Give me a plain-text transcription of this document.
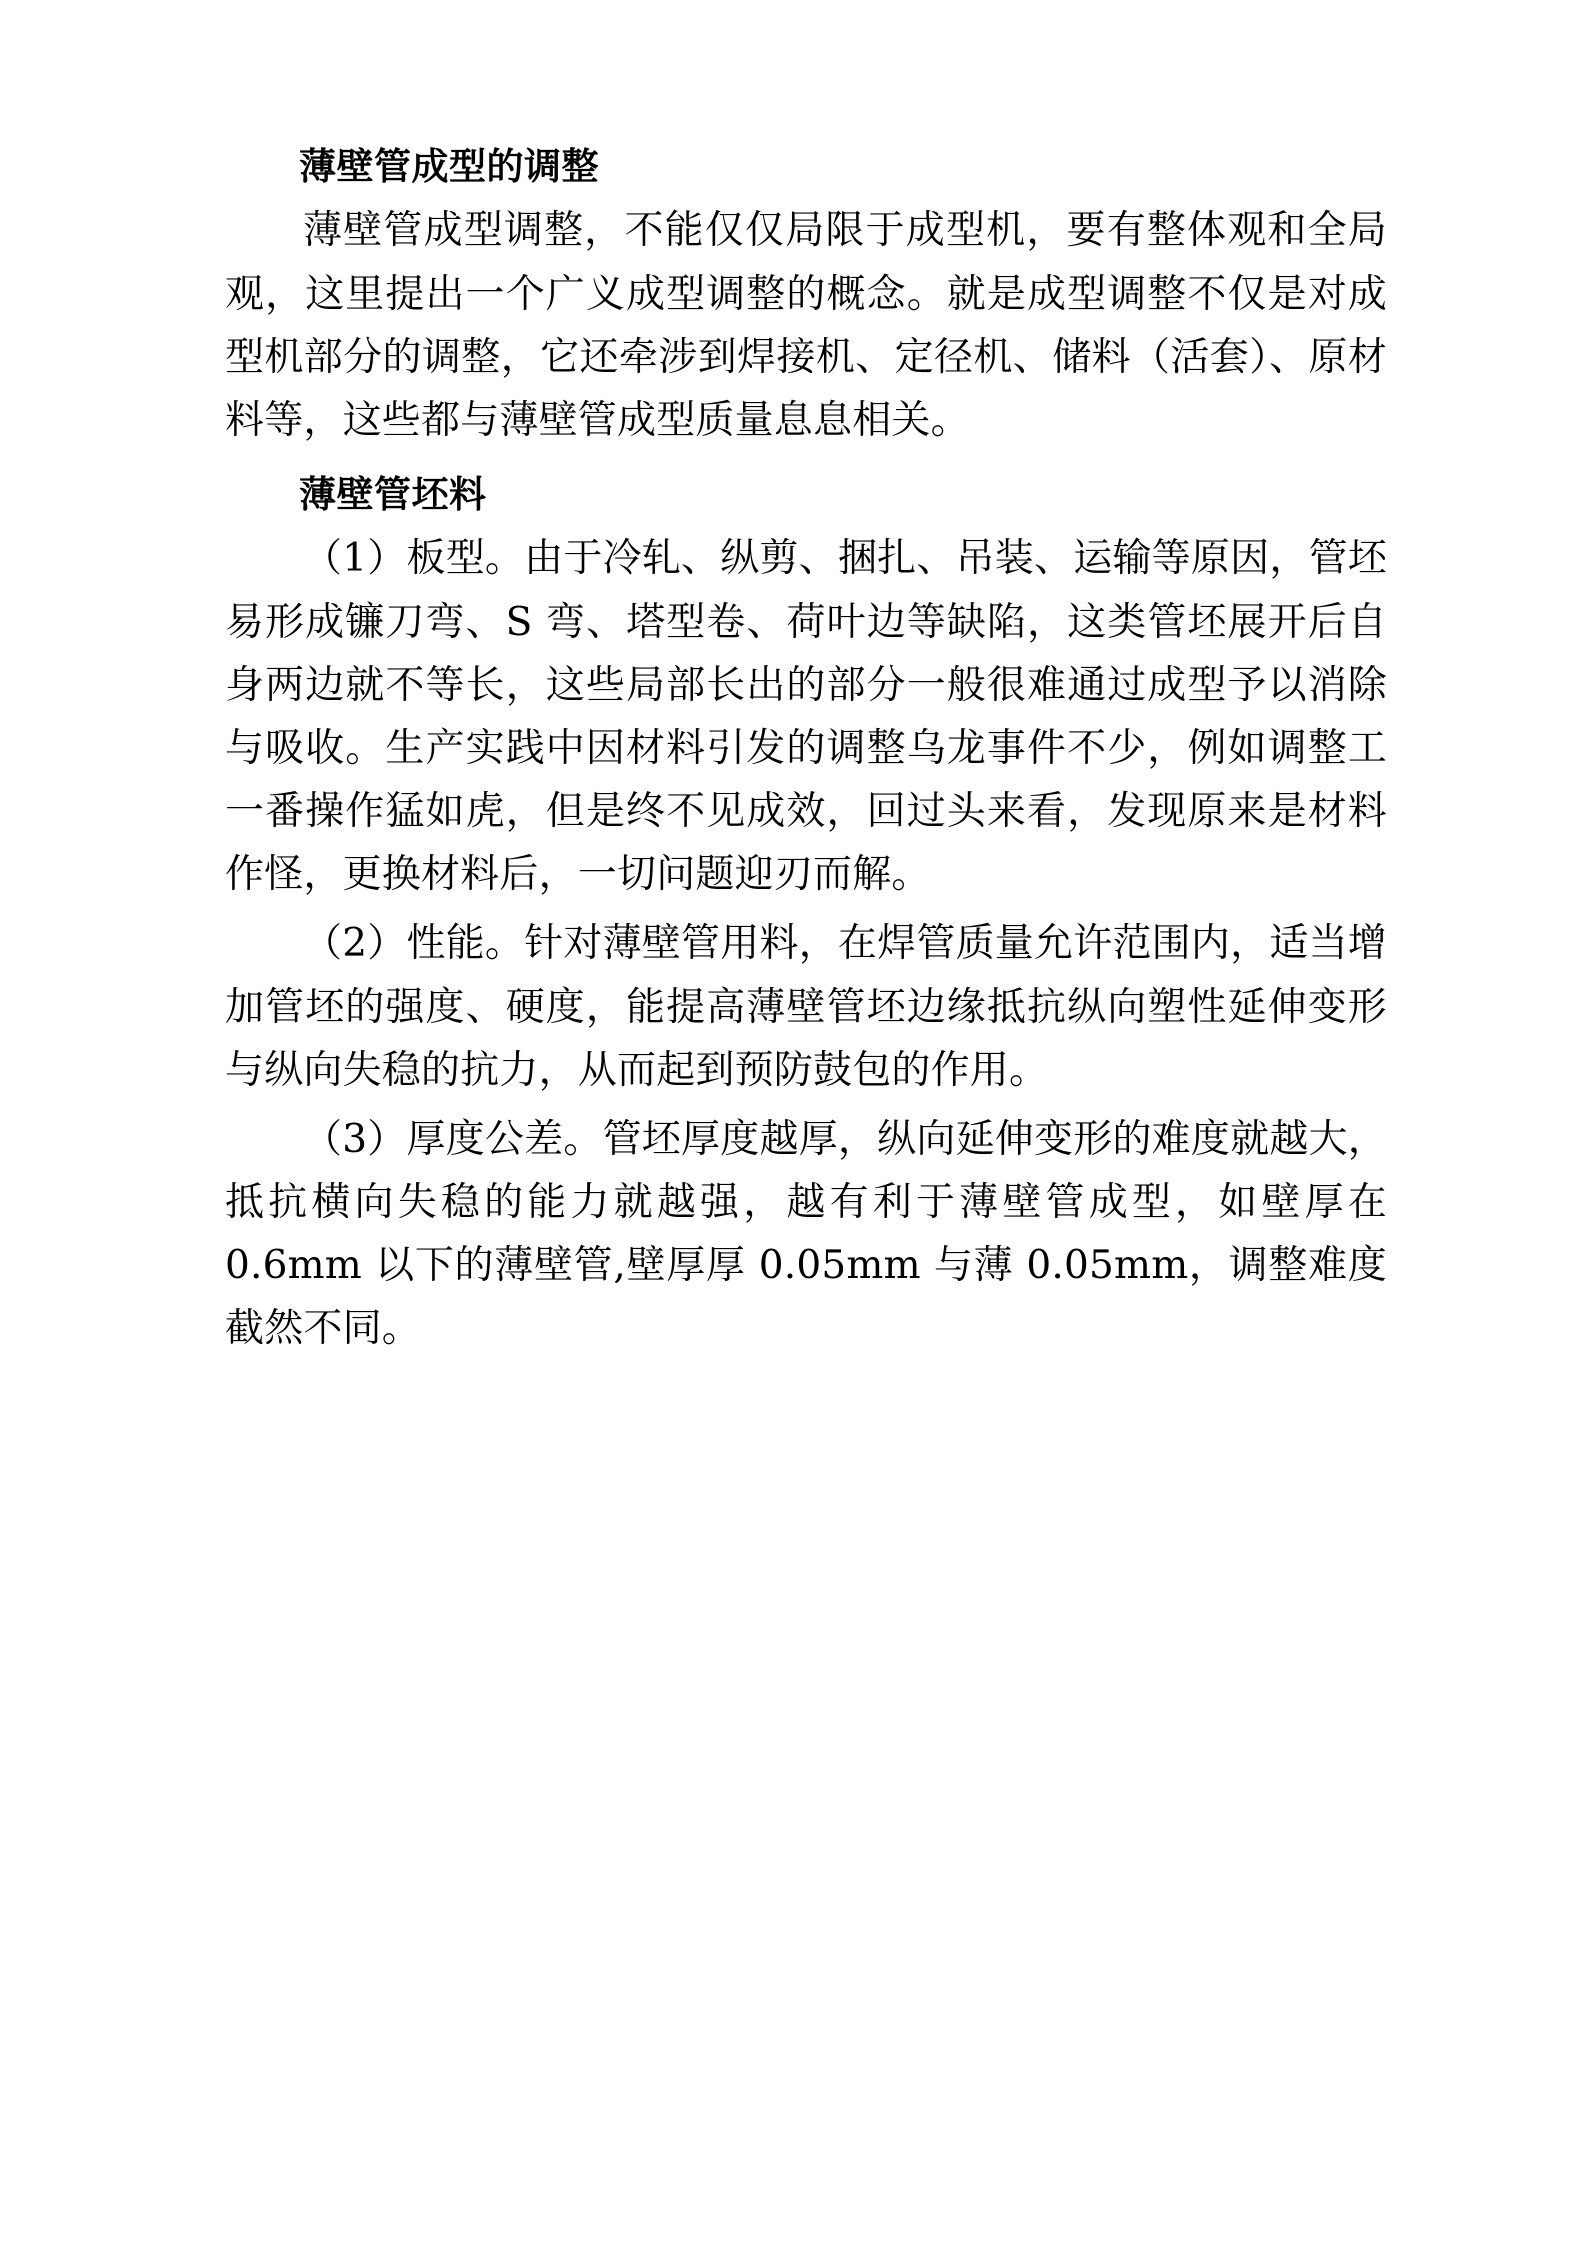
薄壁管成型的调整

薄壁管成型调整，不能仅仅局限于成型机，要有整体观和全局观，这里提出一个广义成型调整的概念。就是成型调整不仅是对成型机部分的调整，它还牵涉到焊接机、定径机、储料（活套）、原材料等，这些都与薄壁管成型质量息息相关。

薄壁管坯料

（1）板型。由于冷轧、纵剪、捆扎、吊装、运输等原因，管坯易形成镰刀弯、S 弯、塔型卷、荷叶边等缺陷，这类管坯展开后自身两边就不等长，这些局部长出的部分一般很难通过成型予以消除与吸收。生产实践中因材料引发的调整乌龙事件不少，例如调整工一番操作猛如虎，但是终不见成效，回过头来看，发现原来是材料作怪，更换材料后，一切问题迎刃而解。

（2）性能。针对薄壁管用料，在焊管质量允许范围内，适当增加管坯的强度、硬度，能提高薄壁管坯边缘抵抗纵向塑性延伸变形与纵向失稳的抗力，从而起到预防鼓包的作用。

（3）厚度公差。管坯厚度越厚，纵向延伸变形的难度就越大，抵抗横向失稳的能力就越强，越有利于薄壁管成型，如壁厚在 0.6mm 以下的薄壁管,壁厚厚 0.05mm 与薄 0.05mm，调整难度截然不同。
